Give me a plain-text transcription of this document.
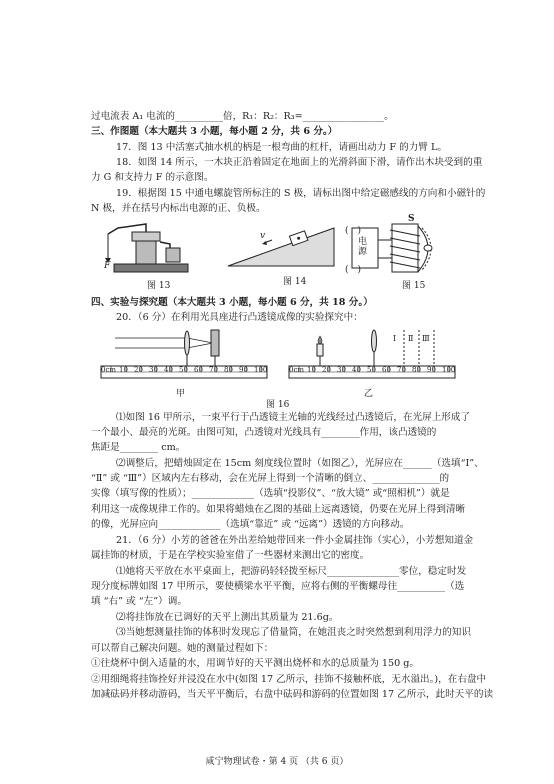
过电流表 A₁ 电流的__________倍，R₁：R₂：R₃=_________________。
三、作图题（本大题共 3 小题，每小题 2 分，共 6 分。）
17．图 13 中活塞式抽水机的柄是一根弯曲的杠杆，请画出动力 F 的力臂 L。
18．如图 14 所示，一木块正沿着固定在地面上的光滑斜面下滑，请作出木块受到的重
力 G 和支持力 F 的示意图。
19．根据图 15 中通电螺旋管所标注的 S 极，请标出图中给定磁感线的方向和小磁针的
N 极，并在括号内标出电源的正、负极。
F
图 13
v
图 14
电
源
S
(　)
(　)
图 15
四、实验与探究题（本大题共 3 小题，每小题 6 分，共 18 分。）
20．（6 分）在利用光具座进行凸透镜成像的实验探究中：
0cm
甲
0cm
Ⅰ Ⅱ Ⅲ
乙
图 16
⑴如图 16 甲所示，一束平行于凸透镜主光轴的光线经过凸透镜后，在光屏上形成了
一个最小、最亮的光斑。由图可知，凸透镜对光线具有________作用，该凸透镜的
焦距是________ cm。
⑵调整后，把蜡烛固定在 15cm 刻度线位置时（如图乙），光屏应在______（选填“Ⅰ”、
“Ⅱ” 或 “Ⅲ”）区域内左右移动，会在光屏上得到一个清晰的倒立、______________的
实像（填写像的性质）；_____________（选填“投影仪”、“放大镜” 或“照相机”）就是
利用这一成像规律工作的。如果将蜡烛在乙图的基础上远离透镜，仍要在光屏上得到清晰
的像，光屏应向_____________（选填“靠近” 或 “远离”）透镜的方向移动。
21．（6 分）小芳的爸爸在外出差给她带回来一件小金属挂饰（实心），小芳想知道金
属挂饰的材质，于是在学校实验室借了一些器材来测出它的密度。
⑴她将天平放在水平桌面上，把游码轻轻拨至标尺_______________零位，稳定时发
现分度标牌如图 17 甲所示，要使横梁水平平衡，应将右侧的平衡螺母往__________（选
填 “右” 或 “左”）调。
⑵将挂饰放在已调好的天平上测出其质量为 21.6g。
⑶当她想测量挂饰的体积时发现忘了借量筒，在她沮丧之时突然想到利用浮力的知识
可以帮自己解决问题。她的测量过程如下：
①往烧杯中倒入适量的水，用调节好的天平测出烧杯和水的总质量为 150 g。
②用细绳将挂饰拴好并浸没在水中(如图 17 乙所示，挂饰不接触杯底，无水溢出。)，在右盘中
加减砝码并移动游码，当天平平衡后，右盘中砝码和游码的位置如图 17 乙所示，此时天平的读
咸宁物理试卷・第 4 页 （共 6 页）
10 20 30 40 50 60 70 80 90 100	10 20 30 40 50 60 70 80 90 100
